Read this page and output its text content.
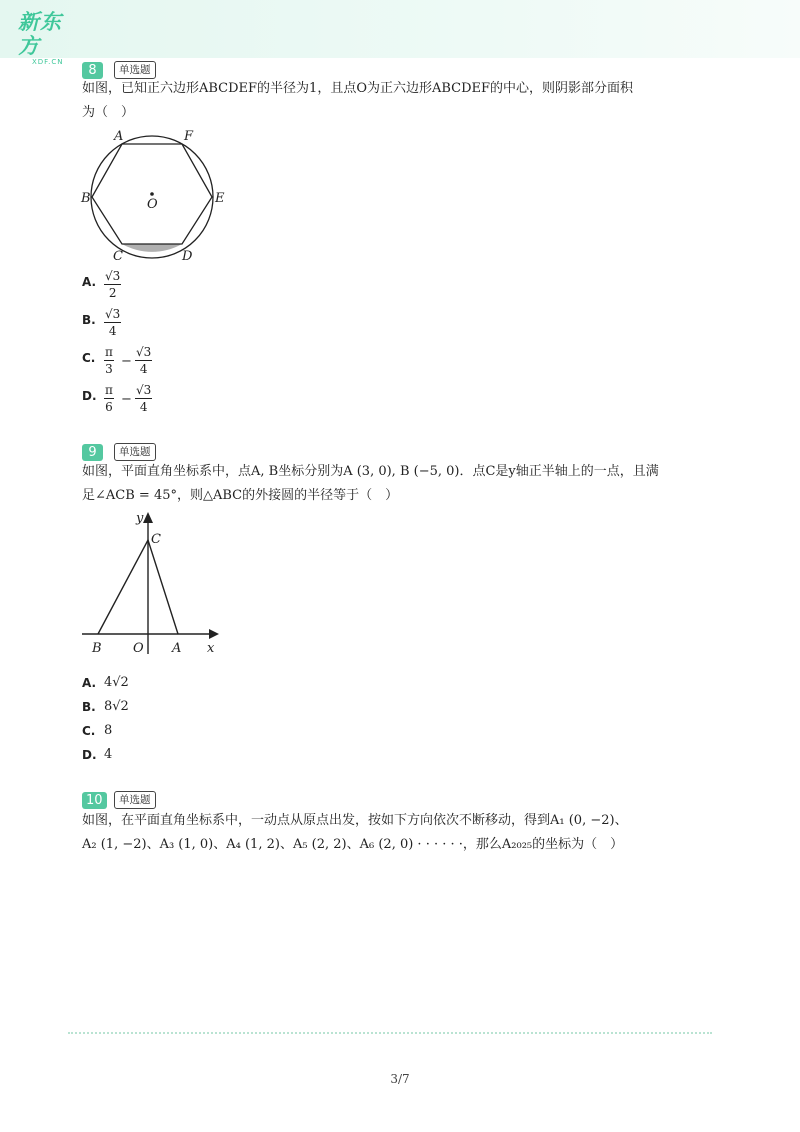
新东方
XDF.CN
8	单选题
如图，已知正六边形ABCDEF的半径为1，且点O为正六边形ABCDEF的中心，则阴影部分面积
为（　）
A	F
B	E
O
C	D
A. $\frac{√3}{2}$
B. $\frac{√3}{4}$
C. $\frac{\pi}{3} - \frac{√3}{4}$
D. $\frac{\pi}{6} - \frac{√3}{4}$
9	单选题
如图，平面直角坐标系中，点A, B坐标分别为A (3, 0), B (−5, 0)．点C是y轴正半轴上的一点，且满
足∠ACB = 45°，则△ABC的外接圆的半径等于（　）
y
C
B O A x
A. 4√2
B. 8√2
C. 8
D. 4
10	单选题
如图，在平面直角坐标系中，一动点从原点出发，按如下方向依次不断移动，得到A₁ (0, −2)、
A₂ (1, −2)、A₃ (1, 0)、A₄ (1, 2)、A₅ (2, 2)、A₆ (2, 0) · · · · · ·，那么A₂₀₂₅的坐标为（　）
3/7
